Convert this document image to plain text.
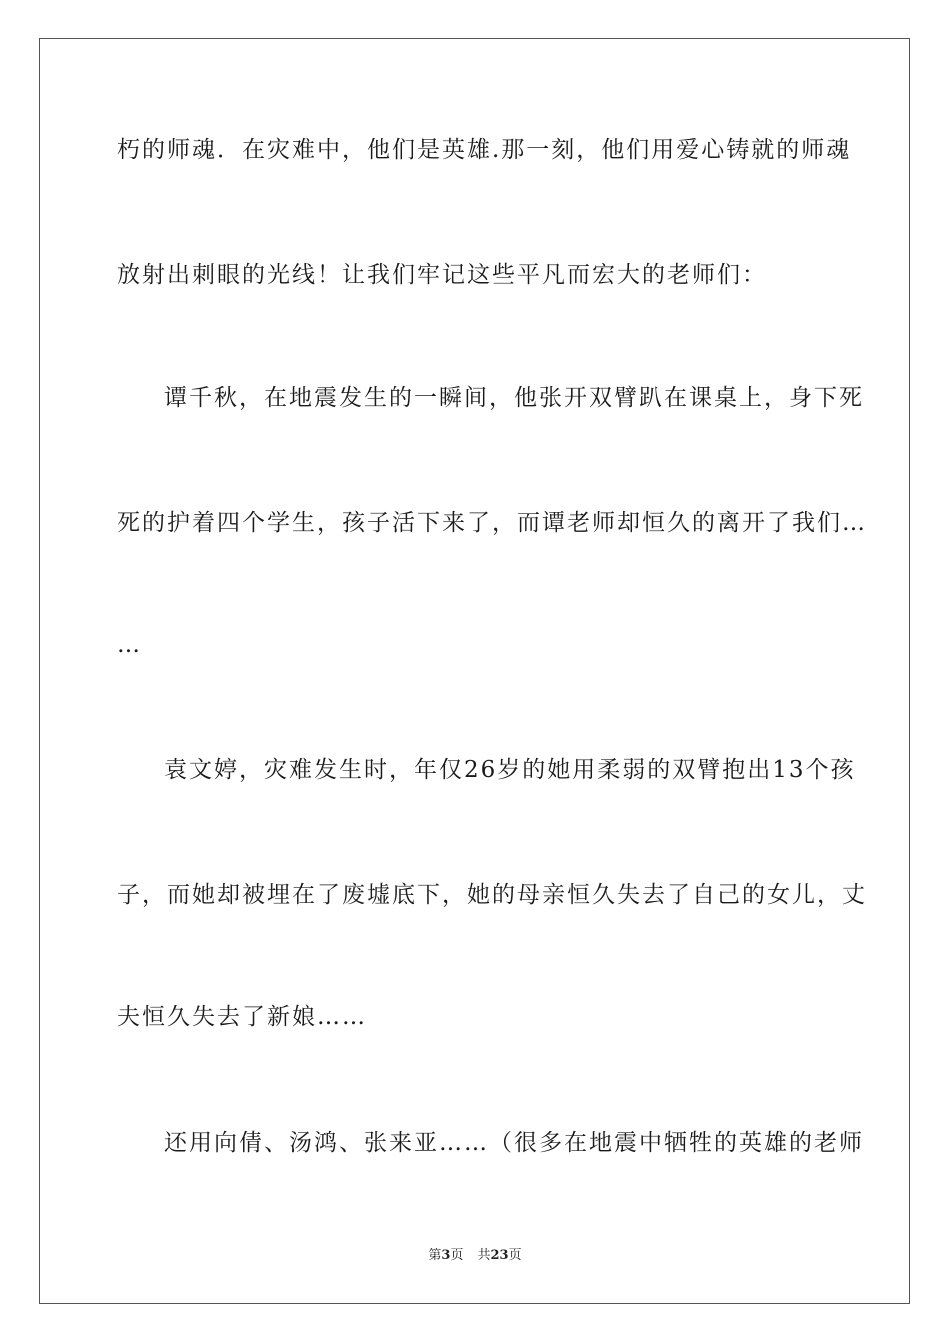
朽的师魂．在灾难中，他们是英雄.那一刻，他们用爱心铸就的师魂
放射出刺眼的光线！让我们牢记这些平凡而宏大的老师们：
谭千秋，在地震发生的一瞬间，他张开双臂趴在课桌上，身下死
死的护着四个学生，孩子活下来了，而谭老师却恒久的离开了我们…
…
袁文婷，灾难发生时，年仅26岁的她用柔弱的双臂抱出13个孩
子，而她却被埋在了废墟底下，她的母亲恒久失去了自己的女儿，丈
夫恒久失去了新娘……
还用向倩、汤鸿、张来亚……（很多在地震中牺牲的英雄的老师
第3页 共23页
